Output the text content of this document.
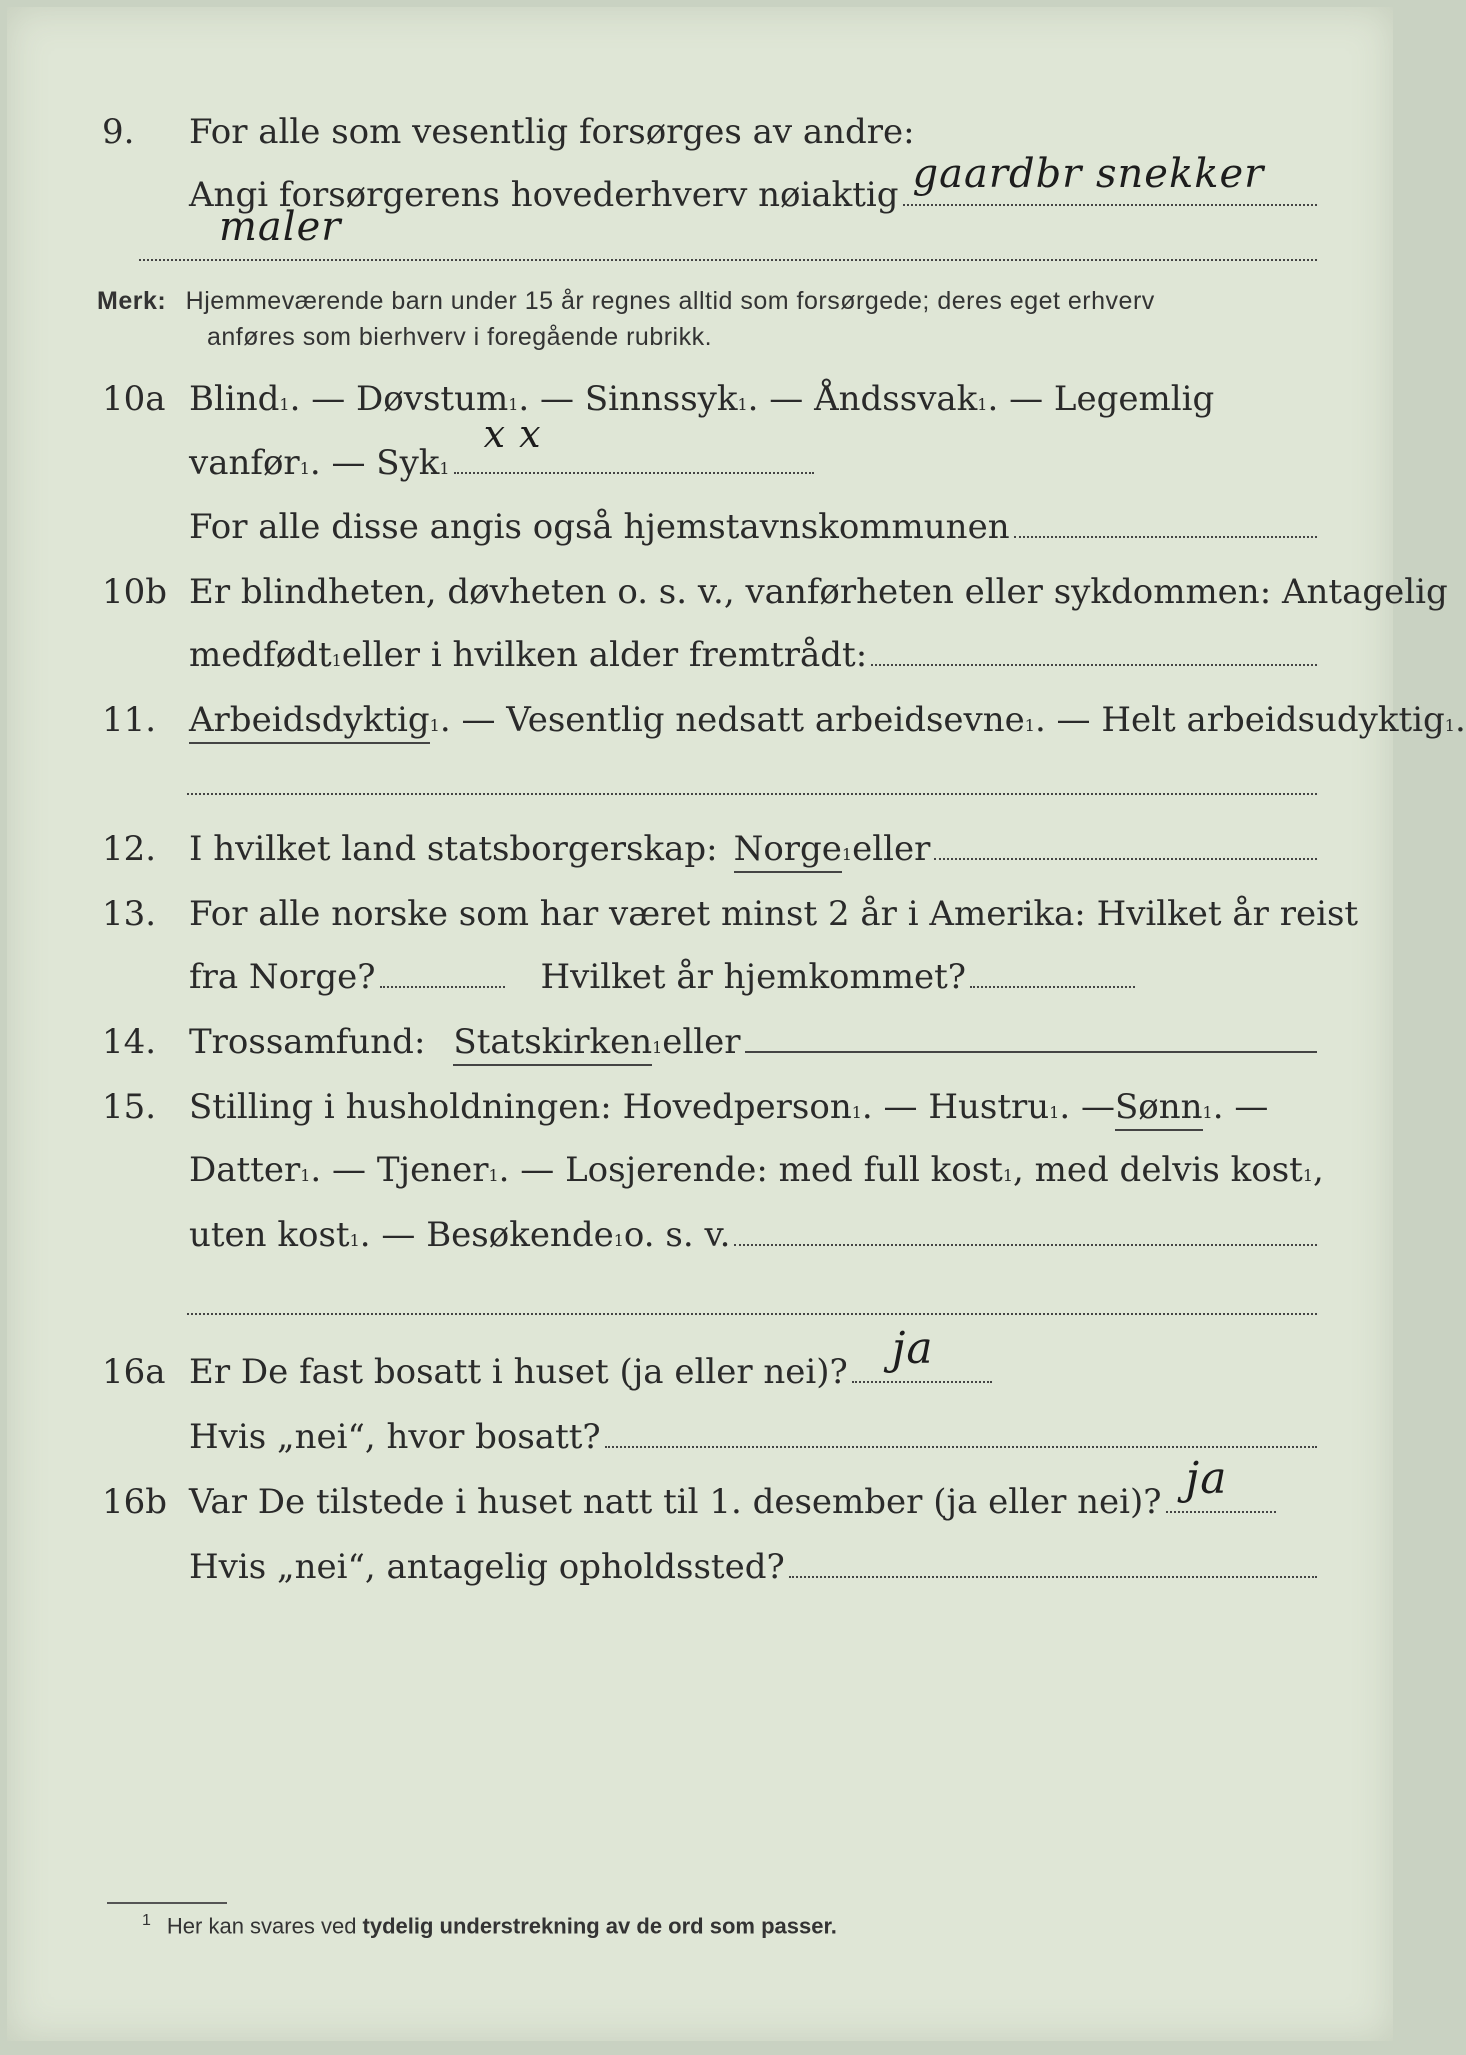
9.	For alle som vesentlig forsørges av andre:
Angi forsørgerens hovederhverv nøiaktig gaardbr snekker
maler
Merk: Hjemmeværende barn under 15 år regnes alltid som forsørgede; deres eget erhverv
anføres som bierhverv i foregående rubrikk.
10a Blind 1 . — Døvstum 1 . — Sinnssyk 1 . — Åndssvak 1 . — Legemlig
vanfør 1 . — Syk 1
x x
For alle disse angis også hjemstavnskommunen
10b Er blindheten, døvheten o. s. v., vanførheten eller sykdommen: Antagelig
medfødt 1 eller i hvilken alder fremtrådt:
11. Arbeidsdyktig 1 . — Vesentlig nedsatt arbeidsevne 1 . — Helt arbeidsudyktig 1 .
12. I hvilket land statsborgerskap: Norge 1 eller
13. For alle norske som har været minst 2 år i Amerika: Hvilket år reist
fra Norge?	Hvilket år hjemkommet?
14. Trossamfund: Statskirken 1 eller
15. Stilling i husholdningen: Hovedperson 1 . — Hustru 1 . — Sønn 1 . —
Datter 1 . — Tjener 1 . — Losjerende: med full kost 1 , med delvis kost 1 ,
uten kost 1 . — Besøkende 1 o. s. v.
16a Er De fast bosatt i huset (ja eller nei)? ja
Hvis „nei“, hvor bosatt?
16b Var De tilstede i huset natt til 1. desember (ja eller nei)? ja
Hvis „nei“, antagelig opholdssted?
$^1$ Her kan svares ved tydelig understrekning av de ord som passer.
